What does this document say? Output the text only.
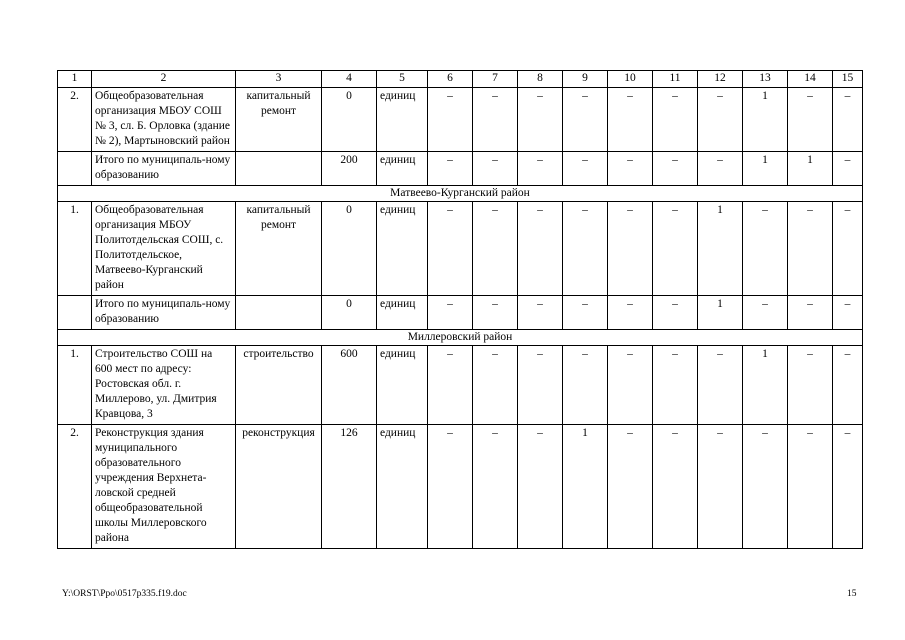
1	2	3	4	5	6	7	8	9	10	11	12	13	14	15
2.	Общеобразовательная организация МБОУ СОШ № 3, сл. Б. Орловка (здание № 2), Мартыновский район	капитальный ремонт	0	единиц	–	–	–	–	–	–	–	1	–	–
	Итого по муниципаль-ному образованию		200	единиц	–	–	–	–	–	–	–	1	1	–
Матвеево-Курганский район														
1.	Общеобразовательная организация МБОУ Политотдельская СОШ, с. Политотдельское, Матвеево-Курганский район	капитальный ремонт	0	единиц	–	–	–	–	–	–	1	–	–	–
	Итого по муниципаль-ному образованию		0	единиц	–	–	–	–	–	–	1	–	–	–
Миллеровский район														
1.	Строительство СОШ на 600 мест по адресу: Ростовская обл. г. Миллерово, ул. Дмитрия Кравцова, 3	строительство	600	единиц	–	–	–	–	–	–	–	1	–	–
2.	Реконструкция здания муниципального образовательного учреждения Верхнета-ловской средней общеобразовательной школы Миллеровского района	реконструкция	126	единиц	–	–	–	1	–	–	–	–	–	–
Y:\ORST\Ppo\0517p335.f19.doc	15
